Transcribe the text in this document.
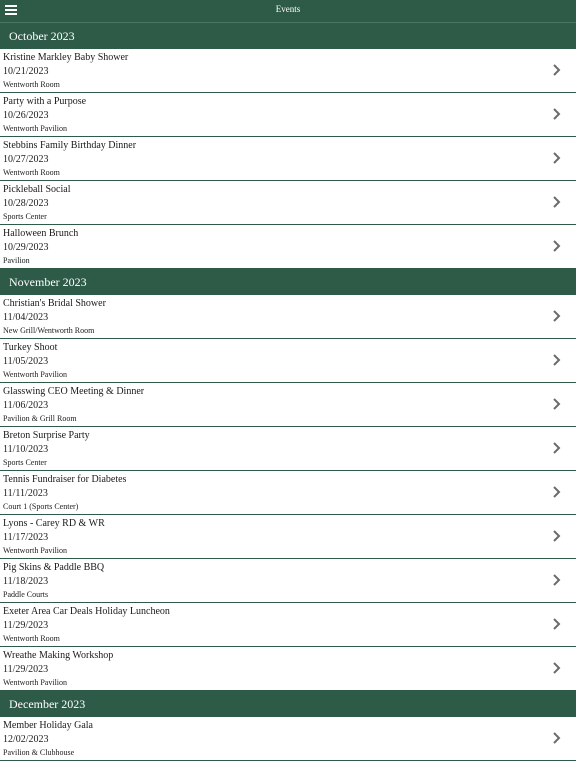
Events
October 2023
Kristine Markley Baby Shower
10/21/2023
Wentworth Room
Party with a Purpose
10/26/2023
Wentworth Pavilion
Stebbins Family Birthday Dinner
10/27/2023
Wentworth Room
Pickleball Social
10/28/2023
Sports Center
Halloween Brunch
10/29/2023
Pavilion
November 2023
Christian's Bridal Shower
11/04/2023
New Grill/Wentworth Room
Turkey Shoot
11/05/2023
Wentworth Pavilion
Glasswing CEO Meeting & Dinner
11/06/2023
Pavilion & Grill Room
Breton Surprise Party
11/10/2023
Sports Center
Tennis Fundraiser for Diabetes
11/11/2023
Court 1 (Sports Center)
Lyons - Carey RD & WR
11/17/2023
Wentworth Pavilion
Pig Skins & Paddle BBQ
11/18/2023
Paddle Courts
Exeter Area Car Deals Holiday Luncheon
11/29/2023
Wentworth Room
Wreathe Making Workshop
11/29/2023
Wentworth Pavilion
December 2023
Member Holiday Gala
12/02/2023
Pavilion & Clubhouse
